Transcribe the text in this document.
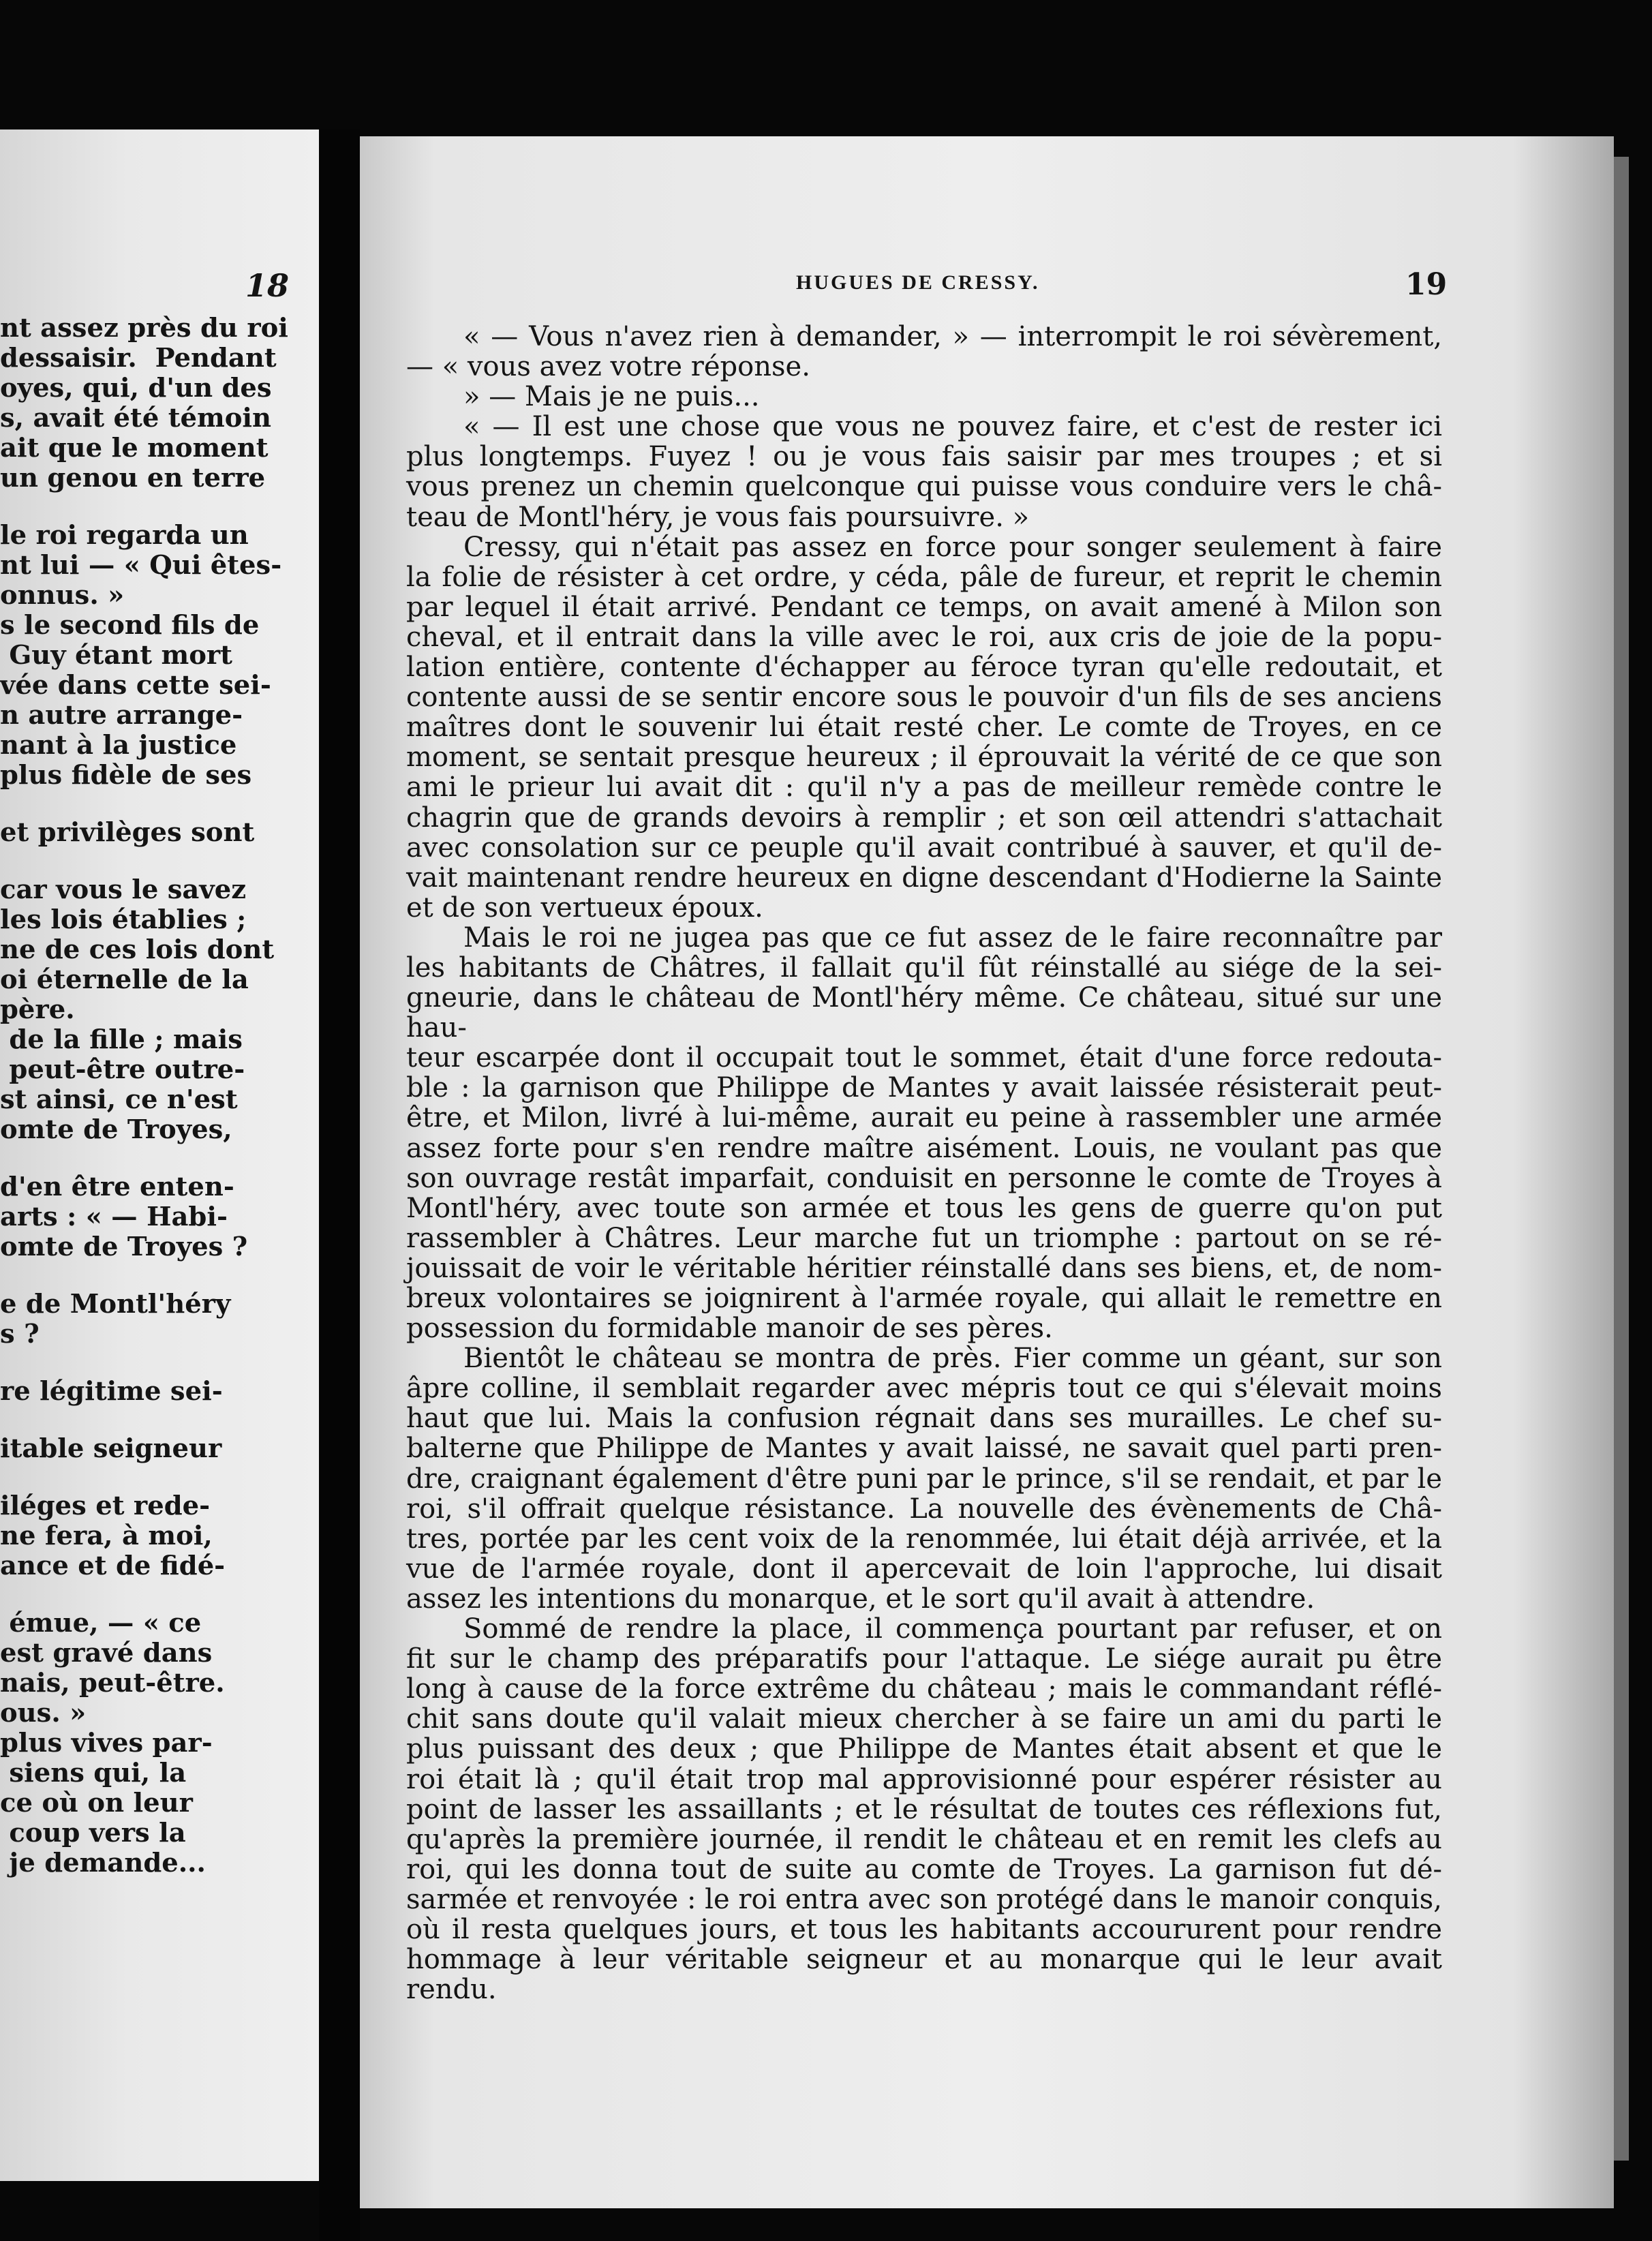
18
nt assez près du roi
dessaisir.  Pendant
oyes, qui, d'un des
s, avait été témoin
ait que le moment
un genou en terre
le roi regarda un
nt lui — « Qui êtes-
onnus. »
s le second fils de
Guy étant mort
vée dans cette sei-
n autre arrange-
nant à la justice
plus fidèle de ses
et privilèges sont
car vous le savez
les lois établies ;
ne de ces lois dont
oi éternelle de la
père.
de la fille ; mais
peut-être outre-
st ainsi, ce n'est
omte de Troyes,
d'en être enten-
arts : « — Habi-
omte de Troyes ?
e de Montl'héry
s ?
re légitime sei-
itable seigneur
iléges et rede-
ne fera, à moi,
ance et de fidé-
émue, — « ce
est gravé dans
nais, peut-être.
ous. »
plus vives par-
siens qui, la
ce où on leur
coup vers la
je demande...
HUGUES DE CRESSY.	19

« — Vous n'avez rien à demander, » — interrompit le roi sévèrement,

— « vous avez votre réponse.

» — Mais je ne puis...

« — Il est une chose que vous ne pouvez faire, et c'est de rester ici

plus longtemps. Fuyez ! ou je vous fais saisir par mes troupes ; et si

vous prenez un chemin quelconque qui puisse vous conduire vers le châ-

teau de Montl'héry, je vous fais poursuivre. »

Cressy, qui n'était pas assez en force pour songer seulement à faire

la folie de résister à cet ordre, y céda, pâle de fureur, et reprit le chemin

par lequel il était arrivé. Pendant ce temps, on avait amené à Milon son

cheval, et il entrait dans la ville avec le roi, aux cris de joie de la popu-

lation entière, contente d'échapper au féroce tyran qu'elle redoutait, et

contente aussi de se sentir encore sous le pouvoir d'un fils de ses anciens

maîtres dont le souvenir lui était resté cher. Le comte de Troyes, en ce

moment, se sentait presque heureux ; il éprouvait la vérité de ce que son

ami le prieur lui avait dit : qu'il n'y a pas de meilleur remède contre le

chagrin que de grands devoirs à remplir ; et son œil attendri s'attachait

avec consolation sur ce peuple qu'il avait contribué à sauver, et qu'il de-

vait maintenant rendre heureux en digne descendant d'Hodierne la Sainte

et de son vertueux époux.

Mais le roi ne jugea pas que ce fut assez de le faire reconnaître par

les habitants de Châtres, il fallait qu'il fût réinstallé au siége de la sei-

gneurie, dans le château de Montl'héry même. Ce château, situé sur une hau-

teur escarpée dont il occupait tout le sommet, était d'une force redouta-

ble : la garnison que Philippe de Mantes y avait laissée résisterait peut-

être, et Milon, livré à lui-même, aurait eu peine à rassembler une armée

assez forte pour s'en rendre maître aisément. Louis, ne voulant pas que

son ouvrage restât imparfait, conduisit en personne le comte de Troyes à

Montl'héry, avec toute son armée et tous les gens de guerre qu'on put

rassembler à Châtres. Leur marche fut un triomphe : partout on se ré-

jouissait de voir le véritable héritier réinstallé dans ses biens, et, de nom-

breux volontaires se joignirent à l'armée royale, qui allait le remettre en

possession du formidable manoir de ses pères.

Bientôt le château se montra de près. Fier comme un géant, sur son

âpre colline, il semblait regarder avec mépris tout ce qui s'élevait moins

haut que lui. Mais la confusion régnait dans ses murailles. Le chef su-

balterne que Philippe de Mantes y avait laissé, ne savait quel parti pren-

dre, craignant également d'être puni par le prince, s'il se rendait, et par le

roi, s'il offrait quelque résistance. La nouvelle des évènements de Châ-

tres, portée par les cent voix de la renommée, lui était déjà arrivée, et la

vue de l'armée royale, dont il apercevait de loin l'approche, lui disait

assez les intentions du monarque, et le sort qu'il avait à attendre.

Sommé de rendre la place, il commença pourtant par refuser, et on

fit sur le champ des préparatifs pour l'attaque. Le siége aurait pu être

long à cause de la force extrême du château ; mais le commandant réflé-

chit sans doute qu'il valait mieux chercher à se faire un ami du parti le

plus puissant des deux ; que Philippe de Mantes était absent et que le

roi était là ; qu'il était trop mal approvisionné pour espérer résister au

point de lasser les assaillants ; et le résultat de toutes ces réflexions fut,

qu'après la première journée, il rendit le château et en remit les clefs au

roi, qui les donna tout de suite au comte de Troyes. La garnison fut dé-

sarmée et renvoyée : le roi entra avec son protégé dans le manoir conquis,

où il resta quelques jours, et tous les habitants accoururent pour rendre

hommage à leur véritable seigneur et au monarque qui le leur avait rendu.
